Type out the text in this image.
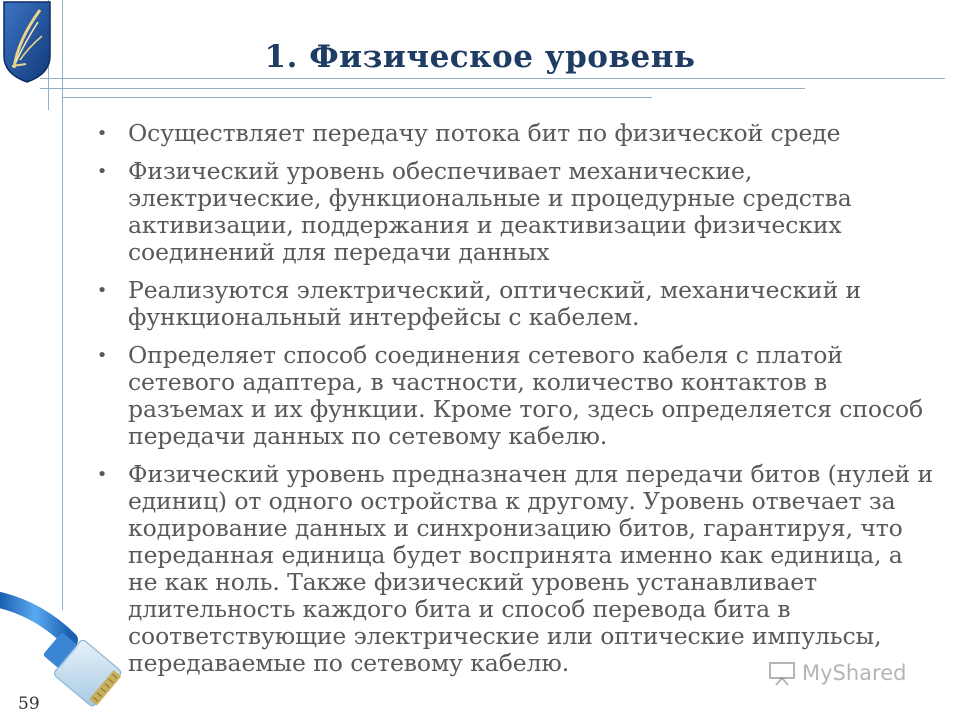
1. Физическое уровень
• Осуществляет передачу потока бит по физической среде
• Физический уровень обеспечивает механические, электрические, функциональные и процедурные средства активизации, поддержания и деактивизации физических соединений для передачи данных
• Реализуются электрический, оптический, механический и функциональный интерфейсы с кабелем.
• Определяет способ соединения сетевого кабеля с платой сетевого адаптера, в частности, количество контактов в разъемах и их функции. Кроме того, здесь определяется способ передачи данных по сетевому кабелю.
• Физический уровень предназначен для передачи битов (нулей и единиц) от одного остройства к другому. Уровень отвечает за кодирование данных и синхронизацию битов, гарантируя, что переданная единица будет воспринята именно как единица, а не как ноль. Также физический уровень устанавливает длительность каждого бита и способ перевода бита в соответствующие электрические или оптические импульсы, передаваемые по сетевому кабелю.
59
MyShared
